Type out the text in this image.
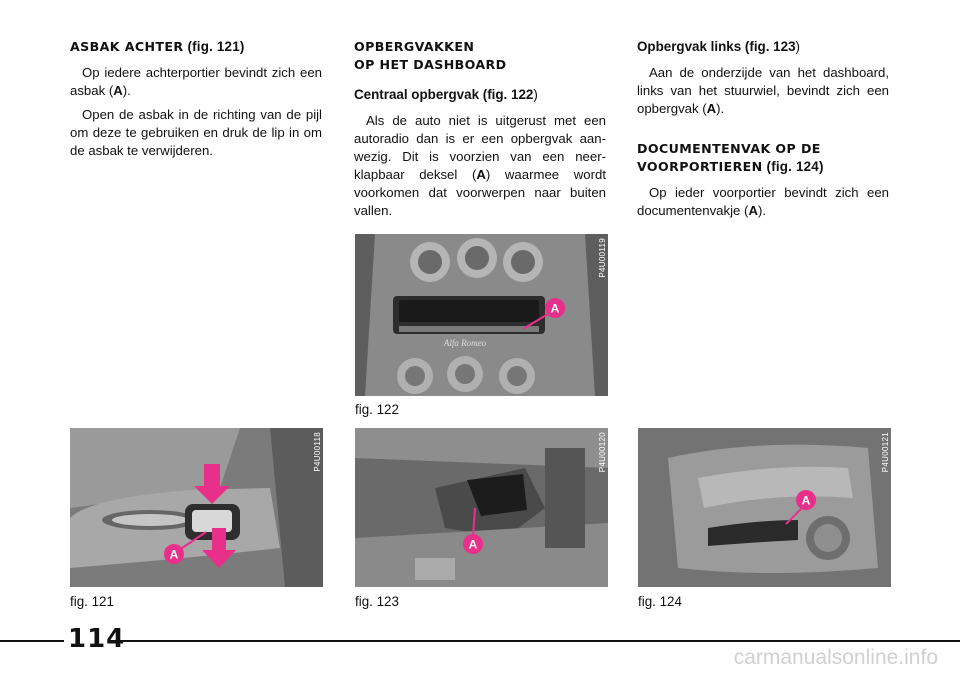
ASBAK ACHTER (fig. 121)

Op iedere achterportier bevindt zich een asbak (A).

Open de asbak in de richting van de pijl om deze te gebruiken en druk de lip in om de asbak te verwijderen.

OPBERGVAKKEN
OP HET DASHBOARD
Centraal opbergvak (fig. 122)

Als de auto niet is uitgerust met een autoradio dan is er een opbergvak aanwezig. Dit is voorzien van een neerklapbaar deksel (A) waarmee wordt voorkomen dat voorwerpen naar buiten vallen.

Opbergvak links (fig. 123)

Aan de onderzijde van het dashboard, links van het stuurwiel, bevindt zich een opbergvak (A).

DOCUMENTENVAK OP DE
VOORPORTIEREN (fig. 124)

Op ieder voorportier bevindt zich een documentenvakje (A).

Alfa Romeo
A
P4U00119
fig. 122
A
P4U00118
fig. 121
A
P4U00120
fig. 123
A
P4U00121
fig. 124
114
carmanualsonline.info
